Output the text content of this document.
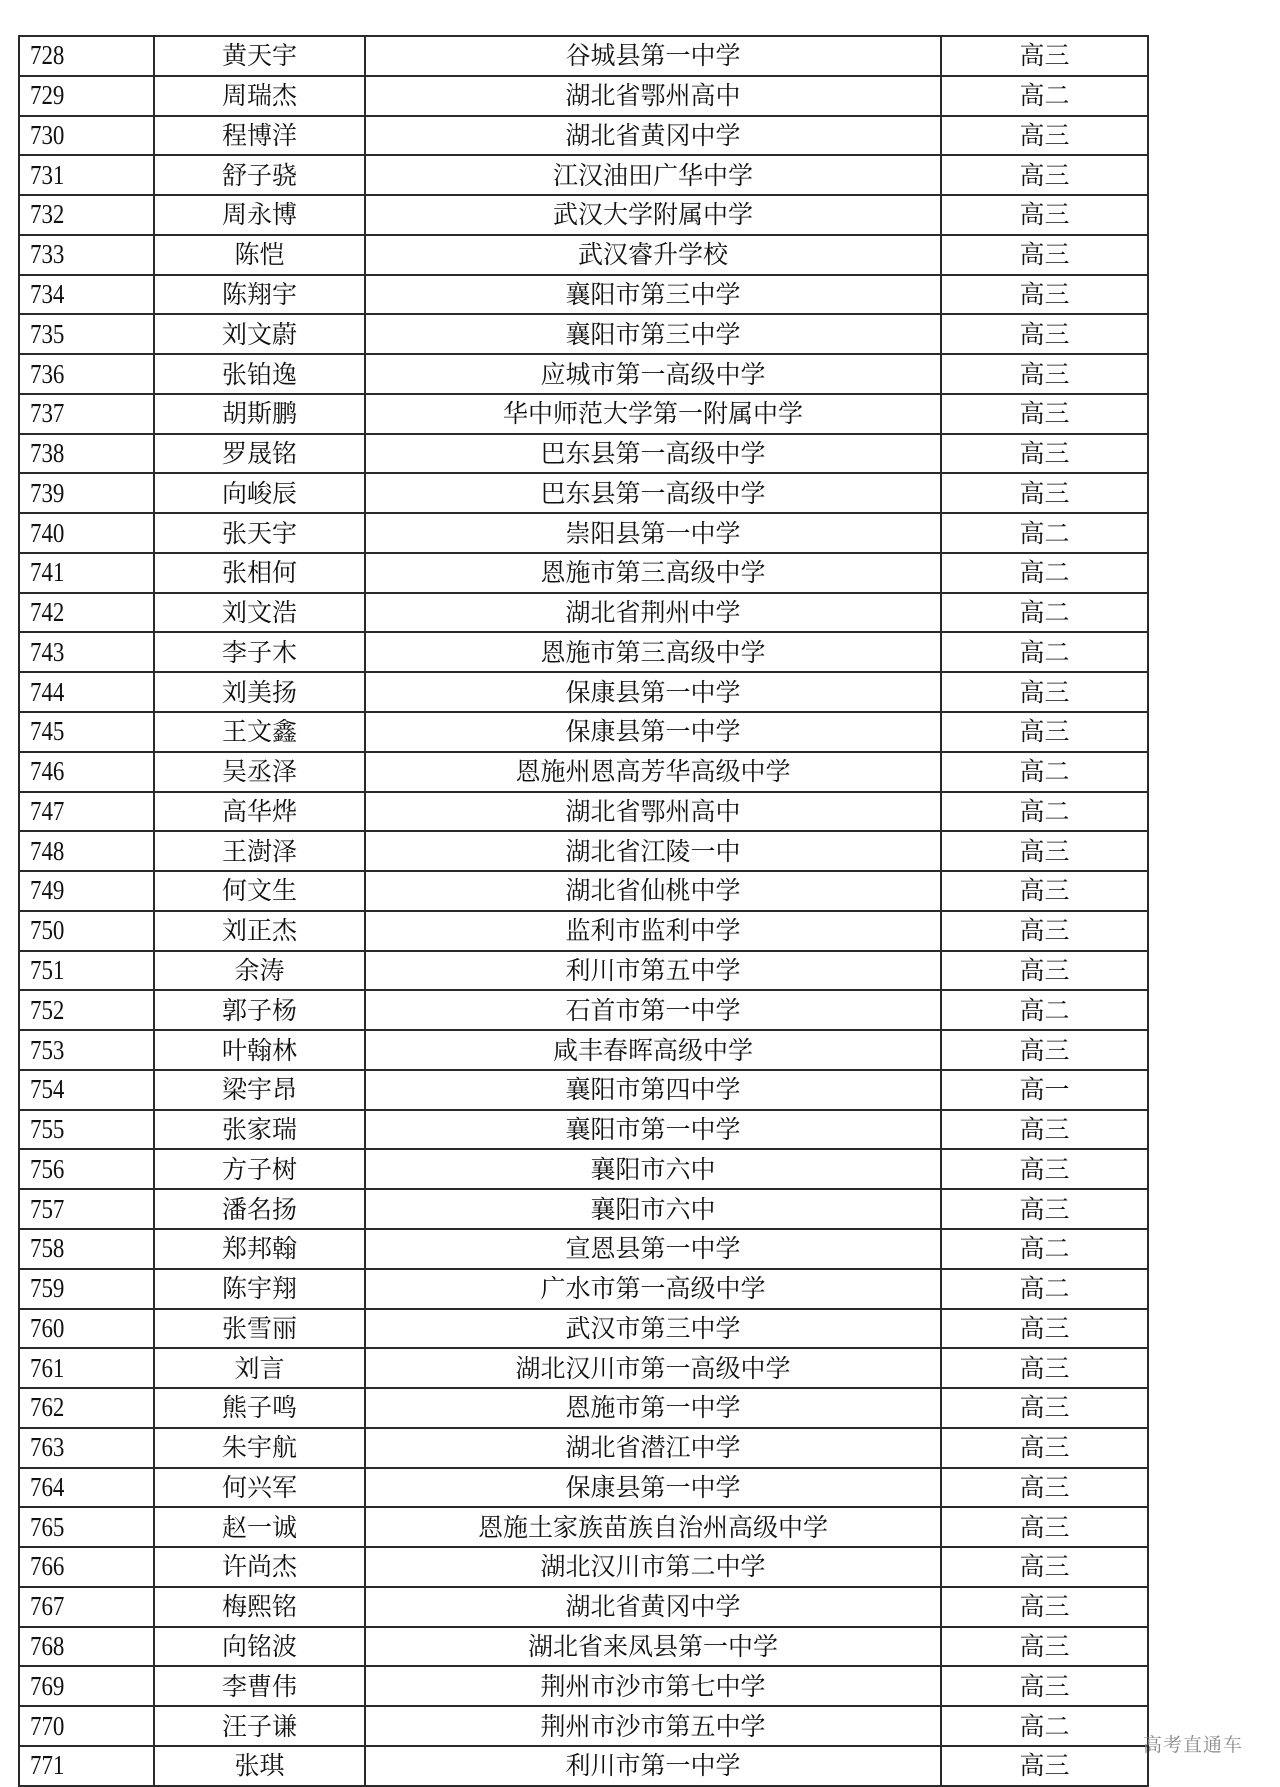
728	黄天宇	谷城县第一中学	高三
729	周瑞杰	湖北省鄂州高中	高二
730	程博洋	湖北省黄冈中学	高三
731	舒子骁	江汉油田广华中学	高三
732	周永博	武汉大学附属中学	高三
733	陈恺	武汉睿升学校	高三
734	陈翔宇	襄阳市第三中学	高三
735	刘文蔚	襄阳市第三中学	高三
736	张铂逸	应城市第一高级中学	高三
737	胡斯鹏	华中师范大学第一附属中学	高三
738	罗晟铭	巴东县第一高级中学	高三
739	向峻辰	巴东县第一高级中学	高三
740	张天宇	崇阳县第一中学	高二
741	张相何	恩施市第三高级中学	高二
742	刘文浩	湖北省荆州中学	高二
743	李子木	恩施市第三高级中学	高二
744	刘美扬	保康县第一中学	高三
745	王文鑫	保康县第一中学	高三
746	吴丞泽	恩施州恩高芳华高级中学	高二
747	高华烨	湖北省鄂州高中	高二
748	王澍泽	湖北省江陵一中	高三
749	何文生	湖北省仙桃中学	高三
750	刘正杰	监利市监利中学	高三
751	余涛	利川市第五中学	高三
752	郭子杨	石首市第一中学	高二
753	叶翰林	咸丰春晖高级中学	高三
754	梁宇昂	襄阳市第四中学	高一
755	张家瑞	襄阳市第一中学	高三
756	方子树	襄阳市六中	高三
757	潘名扬	襄阳市六中	高三
758	郑邦翰	宣恩县第一中学	高二
759	陈宇翔	广水市第一高级中学	高二
760	张雪丽	武汉市第三中学	高三
761	刘言	湖北汉川市第一高级中学	高三
762	熊子鸣	恩施市第一中学	高三
763	朱宇航	湖北省潜江中学	高三
764	何兴军	保康县第一中学	高三
765	赵一诚	恩施土家族苗族自治州高级中学	高三
766	许尚杰	湖北汉川市第二中学	高三
767	梅熙铭	湖北省黄冈中学	高三
768	向铭波	湖北省来凤县第一中学	高三
769	李曹伟	荆州市沙市第七中学	高三
770	汪子谦	荆州市沙市第五中学	高二
771	张琪	利川市第一中学	高三
高考直通车
